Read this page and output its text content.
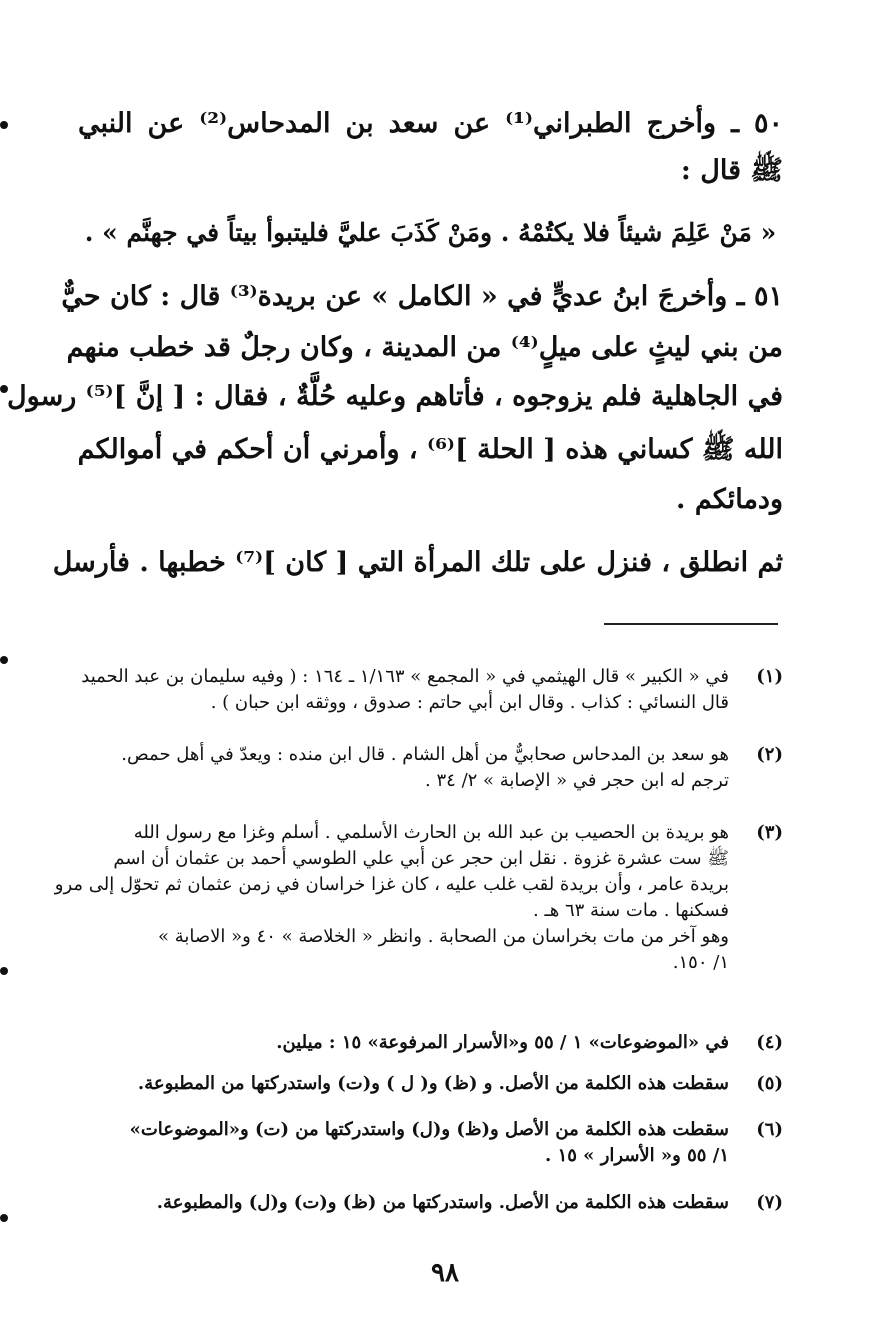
٥٠ ـ وأخرج الطبراني⁽¹⁾ عن سعد بن المدحاس⁽²⁾ عن النبي
ﷺ قال :
« مَنْ عَلِمَ شيئاً فلا يكتُمْهُ . ومَنْ كَذَبَ عليَّ فليتبوأ بيتاً في جهنَّم » .
٥١ ـ وأخرجَ ابنُ عديٍّ في « الكامل » عن بريدة⁽³⁾ قال : كان حيٌّ
من بني ليثٍ على ميلٍ⁽⁴⁾ من المدينة ، وكان رجلٌ قد خطب منهم
في الجاهلية فلم يزوجوه ، فأتاهم وعليه حُلَّةٌ ، فقال : [ إنَّ ]⁽⁵⁾ رسول
الله ﷺ كساني هذه [ الحلة ]⁽⁶⁾ ، وأمرني أن أحكم في أموالكم
ودمائكم .
ثم انطلق ، فنزل على تلك المرأة التي [ كان ]⁽⁷⁾ خطبها . فأرسل
(١)
في « الكبير » قال الهيثمي في « المجمع » ١/١٦٣ ـ ١٦٤ : ( وفيه سليمان بن عبد الحميد
قال النسائي : كذاب . وقال ابن أبي حاتم : صدوق ، ووثقه ابن حبان ) .
(٢)
هو سعد بن المدحاس صحابيٌّ من أهل الشام . قال ابن منده : ويعدّ في أهل حمص.
ترجم له ابن حجر في « الإصابة » ٢/ ٣٤ .
(٣)
هو بريدة بن الحصيب بن عبد الله بن الحارث الأسلمي . أسلم وغزا مع رسول الله
ﷺ ست عشرة غزوة . نقل ابن حجر عن أبي علي الطوسي أحمد بن عثمان أن اسم
بريدة عامر ، وأن بريدة لقب غلب عليه ، كان غزا خراسان في زمن عثمان ثم تحوّل إلى مرو
فسكنها . مات سنة ٦٣ هـ .
وهو آخر من مات بخراسان من الصحابة . وانظر « الخلاصة » ٤٠ و« الاصابة »
١/ ١٥٠.
(٤)
في «الموضوعات» ١ / ٥٥ و«الأسرار المرفوعة» ١٥ : ميلين.
(٥)
سقطت هذه الكلمة من الأصل. و (ظ) و( ل ) و(ت) واستدركتها من المطبوعة.
(٦)
سقطت هذه الكلمة من الأصل و(ظ) و(ل) واستدركتها من (ت) و«الموضوعات»
١/ ٥٥ و« الأسرار » ١٥ .
(٧)
سقطت هذه الكلمة من الأصل. واستدركتها من (ظ) و(ت) و(ل) والمطبوعة.
٩٨
